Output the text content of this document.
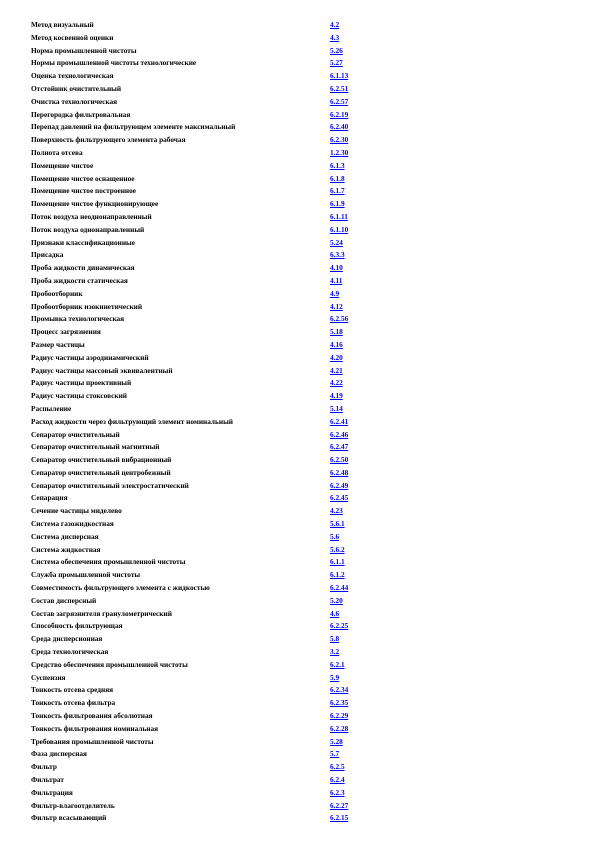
Метод визуальный	4.2
Метод косвенной оценки	4.3
Норма промышленной чистоты	5.26
Нормы промышленной чистоты технологические	5.27
Оценка технологическая	6.1.13
Отстойник очистительный	6.2.51
Очистка технологическая	6.2.57
Перегородка фильтровальная	6.2.19
Перепад давлений на фильтрующем элементе максимальный	6.2.40
Поверхность фильтрующего элемента рабочая	6.2.30
Полнота отсева	1.2.30
Помещение чистое	6.1.3
Помещение чистое оснащенное	6.1.8
Помещение чистое построенное	6.1.7
Помещение чистое функционирующее	6.1.9
Поток воздуха неоднонаправленный	6.1.11
Поток воздуха однонаправленный	6.1.10
Признаки классификационные	5.24
Присадка	6.3.3
Проба жидкости динамическая	4.10
Проба жидкости статическая	4.11
Пробоотборник	4.9
Пробоотборник изокинетический	4.12
Промывка технологическая	6.2.56
Процесс загрязнения	5.18
Размер частицы	4.16
Радиус частицы аэродинамический	4.20
Радиус частицы массовый эквивалентный	4.21
Радиус частицы проективный	4.22
Радиус частицы стоксовский	4.19
Распыление	5.14
Расход жидкости через фильтрующий элемент номинальный	6.2.41
Сепаратор очистительный	6.2.46
Сепаратор очистительный магнитный	6.2.47
Сепаратор очистительный вибрационный	6.2.50
Сепаратор очистительный центробежный	6.2.48
Сепаратор очистительный электростатический	6.2.49
Сепарация	6.2.45
Сечение частицы миделево	4.23
Система газожидкостная	5.6.1
Система дисперсная	5.6
Система жидкостная	5.6.2
Система обеспечения промышленной чистоты	6.1.1
Служба промышленной чистоты	6.1.2
Совместимость фильтрующего элемента с жидкостью	6.2.44
Состав дисперсный	5.20
Состав загрязнителя гранулометрический	4.6
Способность фильтрующая	6.2.25
Среда дисперсионная	5.8
Среда технологическая	3.2
Средство обеспечения промышленной чистоты	6.2.1
Суспензия	5.9
Тонкость отсева средняя	6.2.34
Тонкость отсева фильтра	6.2.35
Тонкость фильтрования абсолютная	6.2.29
Тонкость фильтрования номинальная	6.2.28
Требования промышленной чистоты	5.28
Фаза дисперсная	5.7
Фильтр	6.2.5
Фильтрат	6.2.4
Фильтрация	6.2.3
Фильтр-влагоотделитель	6.2.27
Фильтр всасывающий	6.2.15
